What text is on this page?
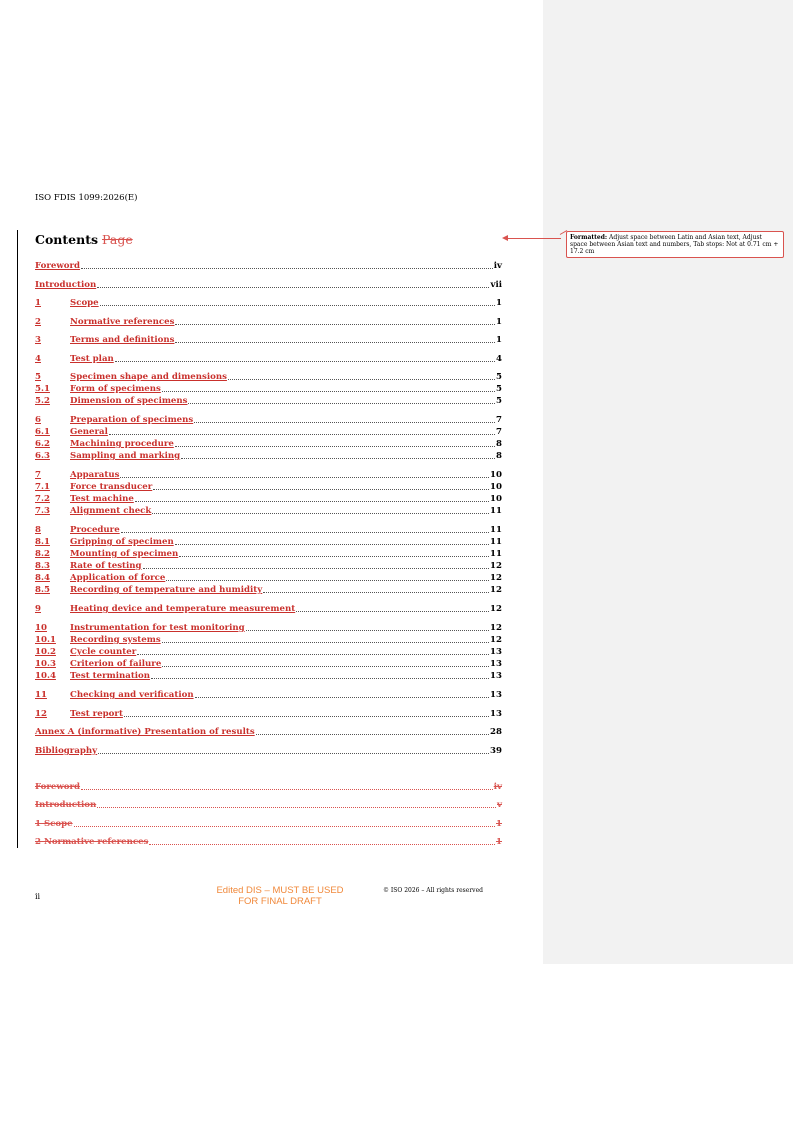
ISO FDIS 1099:2026(E)
Contents Page	Formatted: Adjust space between Latin and Asian text, Adjust space between Asian text and numbers, Tab stops: Not at 0.71 cm + 17.2 cm
Foreword	iv
Introduction	vii
1	Scope	1
2	Normative references	1
3	Terms and definitions	1
4	Test plan	4
5	Specimen shape and dimensions	5
5.1	Form of specimens	5
5.2	Dimension of specimens	5
6	Preparation of specimens	7
6.1	General	7
6.2	Machining procedure	8
6.3	Sampling and marking	8
7	Apparatus	10
7.1	Force transducer	10
7.2	Test machine	10
7.3	Alignment check	11
8	Procedure	11
8.1	Gripping of specimen	11
8.2	Mounting of specimen	11
8.3	Rate of testing	12
8.4	Application of force	12
8.5	Recording of temperature and humidity	12
9	Heating device and temperature measurement	12
10	Instrumentation for test monitoring	12
10.1	Recording systems	12
10.2	Cycle counter	13
10.3	Criterion of failure	13
10.4	Test termination	13
11	Checking and verification	13
12	Test report	13
Annex A (informative) Presentation of results	28
Bibliography	39
Foreword	iv
Introduction	v
1 Scope	1
2 Normative references	1
ii
Edited DIS – MUST BE USED
FOR FINAL DRAFT
© ISO 2026 – All rights reserved
